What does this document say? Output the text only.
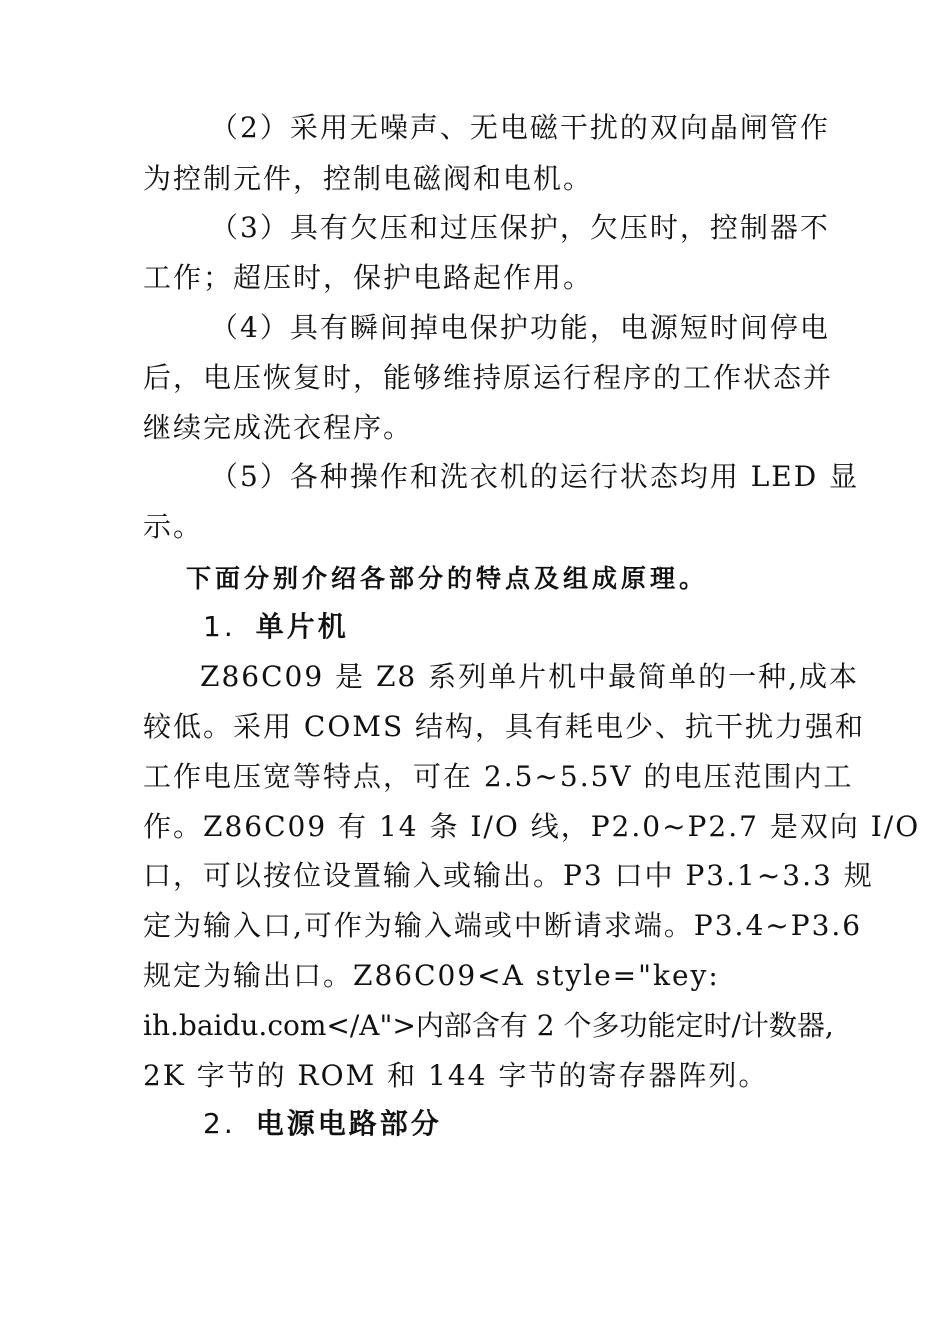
（2）采用无噪声、无电磁干扰的双向晶闸管作
为控制元件，控制电磁阀和电机。
（3）具有欠压和过压保护，欠压时，控制器不
工作；超压时，保护电路起作用。
（4）具有瞬间掉电保护功能，电源短时间停电
后，电压恢复时，能够维持原运行程序的工作状态并
继续完成洗衣程序。
（5）各种操作和洗衣机的运行状态均用 LED 显
示。
下面分别介绍各部分的特点及组成原理。
1. 单片机
Z86C09 是 Z8 系列单片机中最简单的一种,成本
较低。采用 COMS 结构，具有耗电少、抗干扰力强和
工作电压宽等特点，可在 2.5~5.5V 的电压范围内工
作。Z86C09 有 14 条 I/O 线，P2.0~P2.7 是双向 I/O
口，可以按位设置输入或输出。P3 口中 P3.1~3.3 规
定为输入口,可作为输入端或中断请求端。P3.4~P3.6
规定为输出口。Z86C09<A style="key:
ih.baidu.com</A">内部含有 2 个多功能定时/计数器,
2K 字节的 ROM 和 144 字节的寄存器阵列。
2. 电源电路部分
